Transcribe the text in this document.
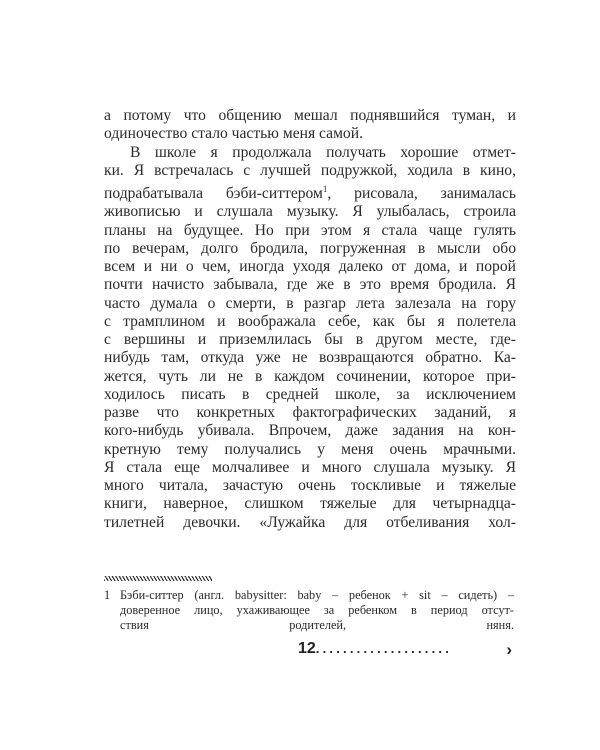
а потому что общению мешал поднявшийся туман, и
одиночество стало частью меня самой.
В школе я продолжала получать хорошие отмет-
ки. Я встречалась с лучшей подружкой, ходила в кино,
подрабатывала бэби-ситтером$^1$, рисовала, занималась
живописью и слушала музыку. Я улыбалась, строила
планы на будущее. Но при этом я стала чаще гулять
по вечерам, долго бродила, погруженная в мысли обо
всем и ни о чем, иногда уходя далеко от дома, и порой
почти начисто забывала, где же в это время бродила. Я
часто думала о смерти, в разгар лета залезала на гору
с трамплином и воображала себе, как бы я полетела
с вершины и приземлилась бы в другом месте, где-
нибудь там, откуда уже не возвращаются обратно. Ка-
жется, чуть ли не в каждом сочинении, которое при-
ходилось писать в средней школе, за исключением
разве что конкретных фактографических заданий, я
кого-нибудь убивала. Впрочем, даже задания на кон-
кретную тему получались у меня очень мрачными.
Я стала еще молчаливее и много слушала музыку. Я
много читала, зачастую очень тоскливые и тяжелые
книги, наверное, слишком тяжелые для четырнадца-
тилетней девочки. «Лужайка для отбеливания хол-
1 Бэби-ситтер (англ. babysitter: baby – ребенок + sit – сидеть) –
доверенное лицо, ухаживающее за ребенком в период отсут-
ствия родителей, няня.
12....................	›
